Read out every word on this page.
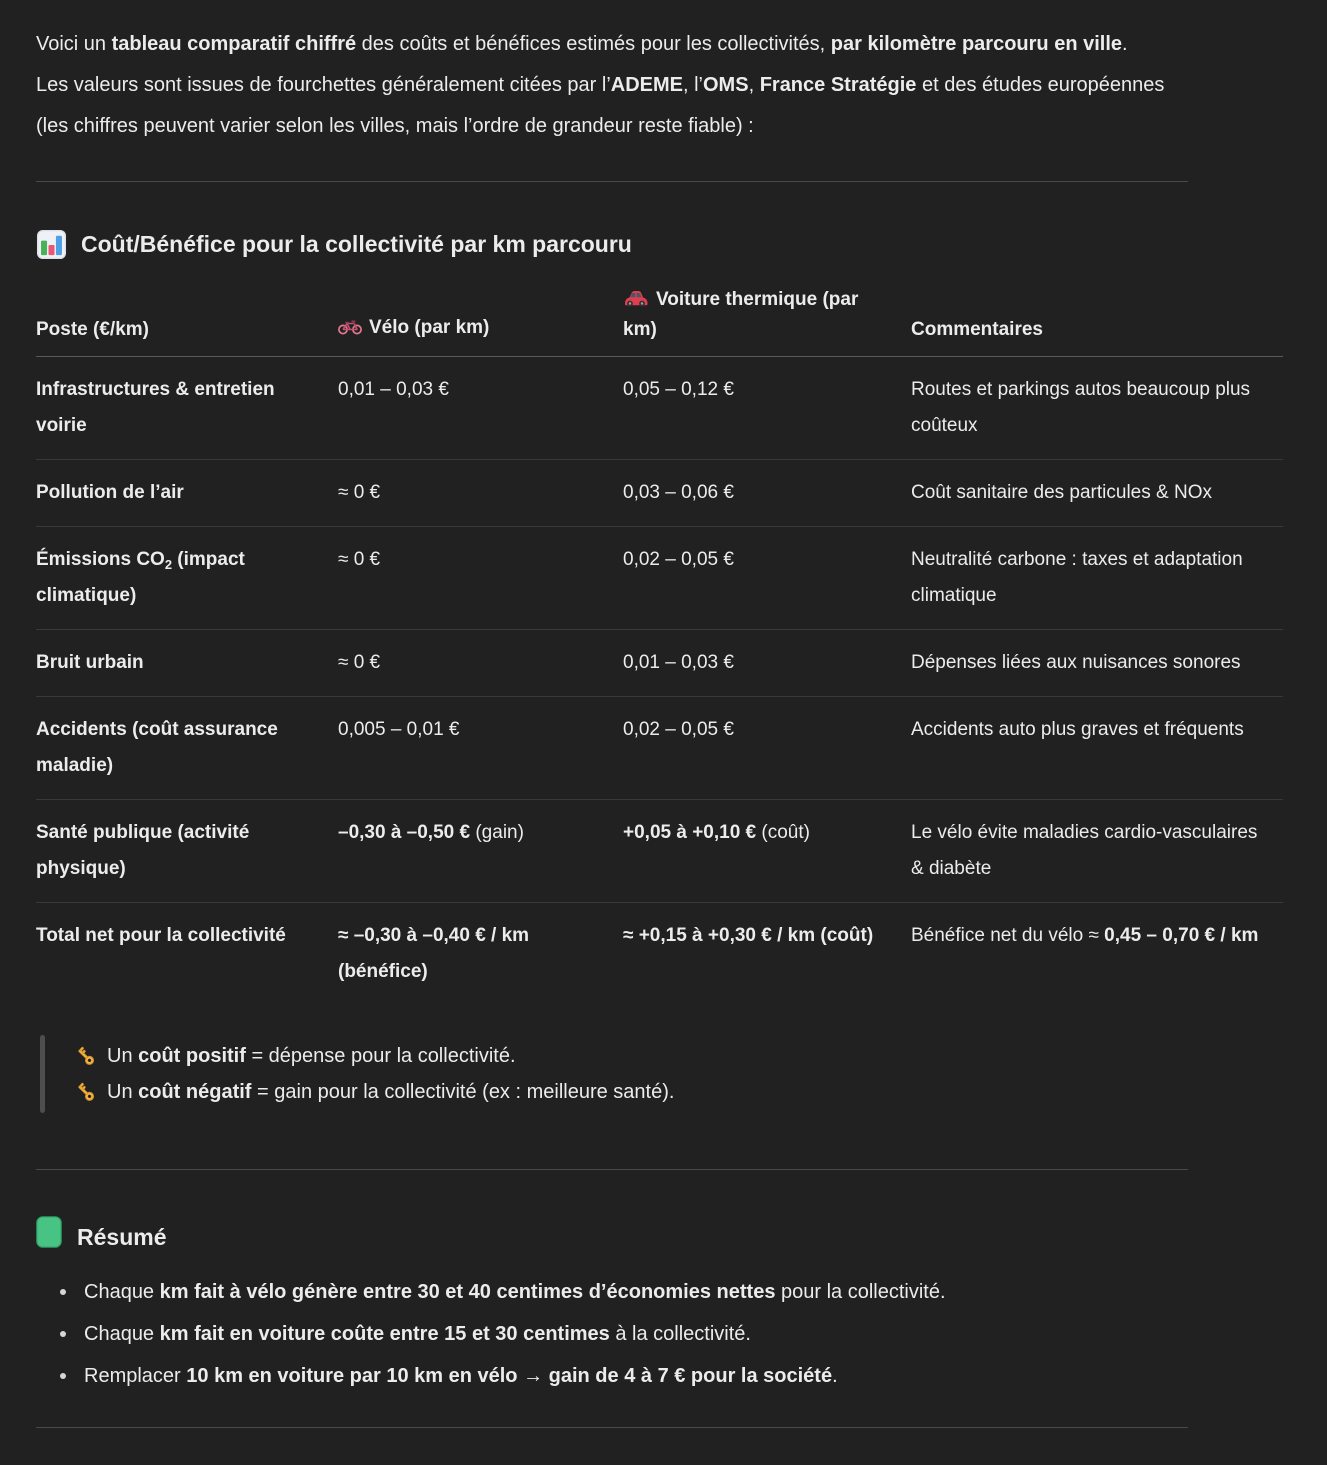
Voici un tableau comparatif chiffré des coûts et bénéfices estimés pour les collectivités, par kilomètre parcouru en ville.

Les valeurs sont issues de fourchettes généralement citées par l’ADEME, l’OMS, France Stratégie et des études européennes (les chiffres peuvent varier selon les villes, mais l’ordre de grandeur reste fiable) :

Coût/Bénéfice pour la collectivité par km parcouru
Poste (€/km)	Vélo (par km)	Voiture thermique (par km)	Commentaires
Infrastructures & entretien voirie	0,01 – 0,03 €	0,05 – 0,12 €	Routes et parkings autos beaucoup plus coûteux
Pollution de l’air	≈ 0 €	0,03 – 0,06 €	Coût sanitaire des particules & NOx
Émissions $CO_2$ (impact climatique)	≈ 0 €	0,02 – 0,05 €	Neutralité carbone : taxes et adaptation climatique
Bruit urbain	≈ 0 €	0,01 – 0,03 €	Dépenses liées aux nuisances sonores
Accidents (coût assurance maladie)	0,005 – 0,01 €	0,02 – 0,05 €	Accidents auto plus graves et fréquents
Santé publique (activité physique)	–0,30 à –0,50 € (gain)	+0,05 à +0,10 € (coût)	Le vélo évite maladies cardio-vasculaires & diabète
Total net pour la collectivité	≈ –0,30 à –0,40 € / km (bénéfice)	≈ +0,15 à +0,30 € / km (coût)	Bénéfice net du vélo ≈ 0,45 – 0,70 € / km
Un coût positif = dépense pour la collectivité.
Un coût négatif = gain pour la collectivité (ex : meilleure santé).
Résumé
Chaque km fait à vélo génère entre 30 et 40 centimes d’économies nettes pour la collectivité.
Chaque km fait en voiture coûte entre 15 et 30 centimes à la collectivité.
Remplacer 10 km en voiture par 10 km en vélo → gain de 4 à 7 € pour la société.
